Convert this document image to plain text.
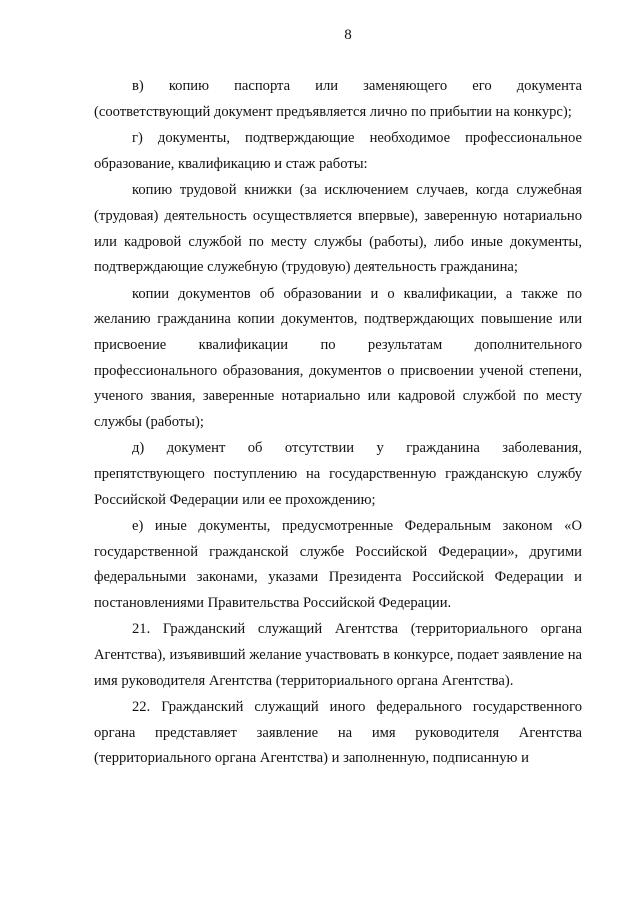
8

в)   копию   паспорта   или   заменяющего   его   документа (соответствующий документ предъявляется лично по прибытии на конкурс);

г) документы, подтверждающие необходимое профессиональное образование, квалификацию и стаж работы:

копию трудовой книжки (за исключением случаев, когда служебная (трудовая) деятельность осуществляется впервые), заверенную нотариально или кадровой службой по месту службы (работы), либо иные документы, подтверждающие служебную (трудовую) деятельность гражданина;

копии документов об образовании и о квалификации, а также по желанию гражданина копии документов, подтверждающих повышение или присвоение квалификации по результатам дополнительного профессионального образования, документов о присвоении ученой степени, ученого звания, заверенные нотариально или кадровой службой по месту службы (работы);

д) документ об отсутствии у гражданина заболевания, препятствующего поступлению на государственную гражданскую службу Российской Федерации или ее прохождению;

е) иные документы, предусмотренные Федеральным законом «О государственной гражданской службе Российской Федерации», другими федеральными законами, указами Президента Российской Федерации и постановлениями Правительства Российской Федерации.

21. Гражданский служащий Агентства (территориального органа Агентства), изъявивший желание участвовать в конкурсе, подает заявление на имя руководителя Агентства (территориального органа Агентства).

22. Гражданский служащий иного федерального государственного органа представляет заявление на имя руководителя Агентства (территориального органа Агентства) и заполненную, подписанную и
